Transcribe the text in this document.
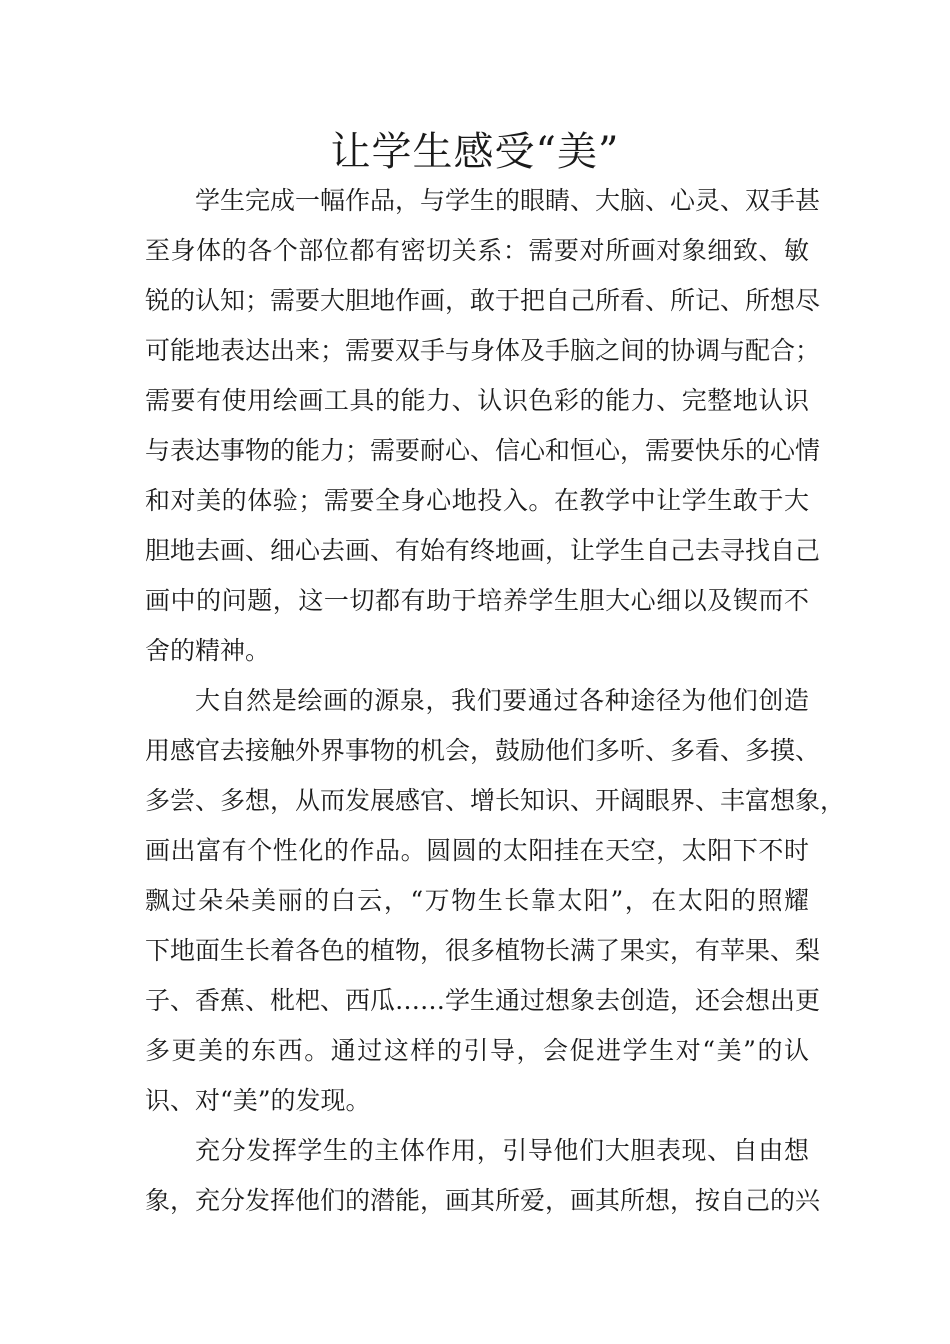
让学生感受“美”
学生完成一幅作品，与学生的眼睛、大脑、心灵、双手甚
至身体的各个部位都有密切关系：需要对所画对象细致、敏
锐的认知；需要大胆地作画，敢于把自己所看、所记、所想尽
可能地表达出来；需要双手与身体及手脑之间的协调与配合；
需要有使用绘画工具的能力、认识色彩的能力、完整地认识
与表达事物的能力；需要耐心、信心和恒心，需要快乐的心情
和对美的体验；需要全身心地投入。在教学中让学生敢于大
胆地去画、细心去画、有始有终地画，让学生自己去寻找自己
画中的问题，这一切都有助于培养学生胆大心细以及锲而不
舍的精神。
大自然是绘画的源泉，我们要通过各种途径为他们创造
用感官去接触外界事物的机会，鼓励他们多听、多看、多摸、
多尝、多想，从而发展感官、增长知识、开阔眼界、丰富想象，
画出富有个性化的作品。圆圆的太阳挂在天空，太阳下不时
飘过朵朵美丽的白云，“万物生长靠太阳”，在太阳的照耀
下地面生长着各色的植物，很多植物长满了果实，有苹果、梨
子、香蕉、枇杷、西瓜……学生通过想象去创造，还会想出更
多更美的东西。通过这样的引导，会促进学生对“美”的认
识、对“美”的发现。
充分发挥学生的主体作用，引导他们大胆表现、自由想
象，充分发挥他们的潜能，画其所爱，画其所想，按自己的兴
